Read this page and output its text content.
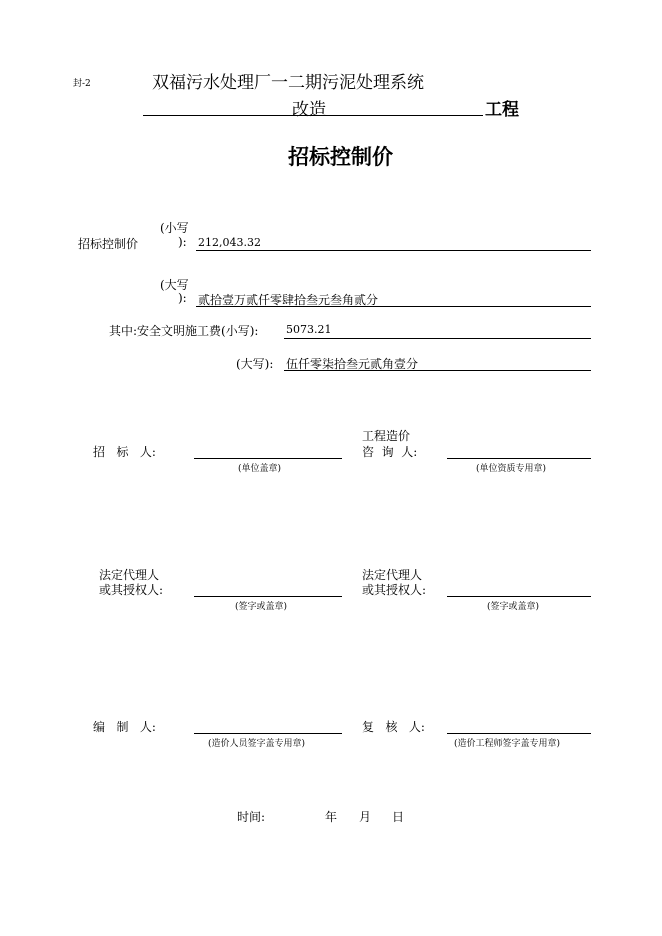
封-2	双福污水处理厂一二期污泥处理系统
改造	工程
招标控制价
(小写
招标控制价	): 212,043.32
(大写
): 贰拾壹万贰仟零肆拾叁元叁角贰分
其中:安全文明施工费(小写):	5073.21
(大写): 伍仟零柒拾叁元贰角壹分
招   标   人:
(单位盖章)
工程造价
咨  询  人:
(单位资质专用章)
法定代理人
或其授权人:
(签字或盖章)
法定代理人
或其授权人:
(签字或盖章)
编   制   人:
(造价人员签字盖专用章)
复   核   人:
(造价工程师签字盖专用章)
时间:	年 月 日
